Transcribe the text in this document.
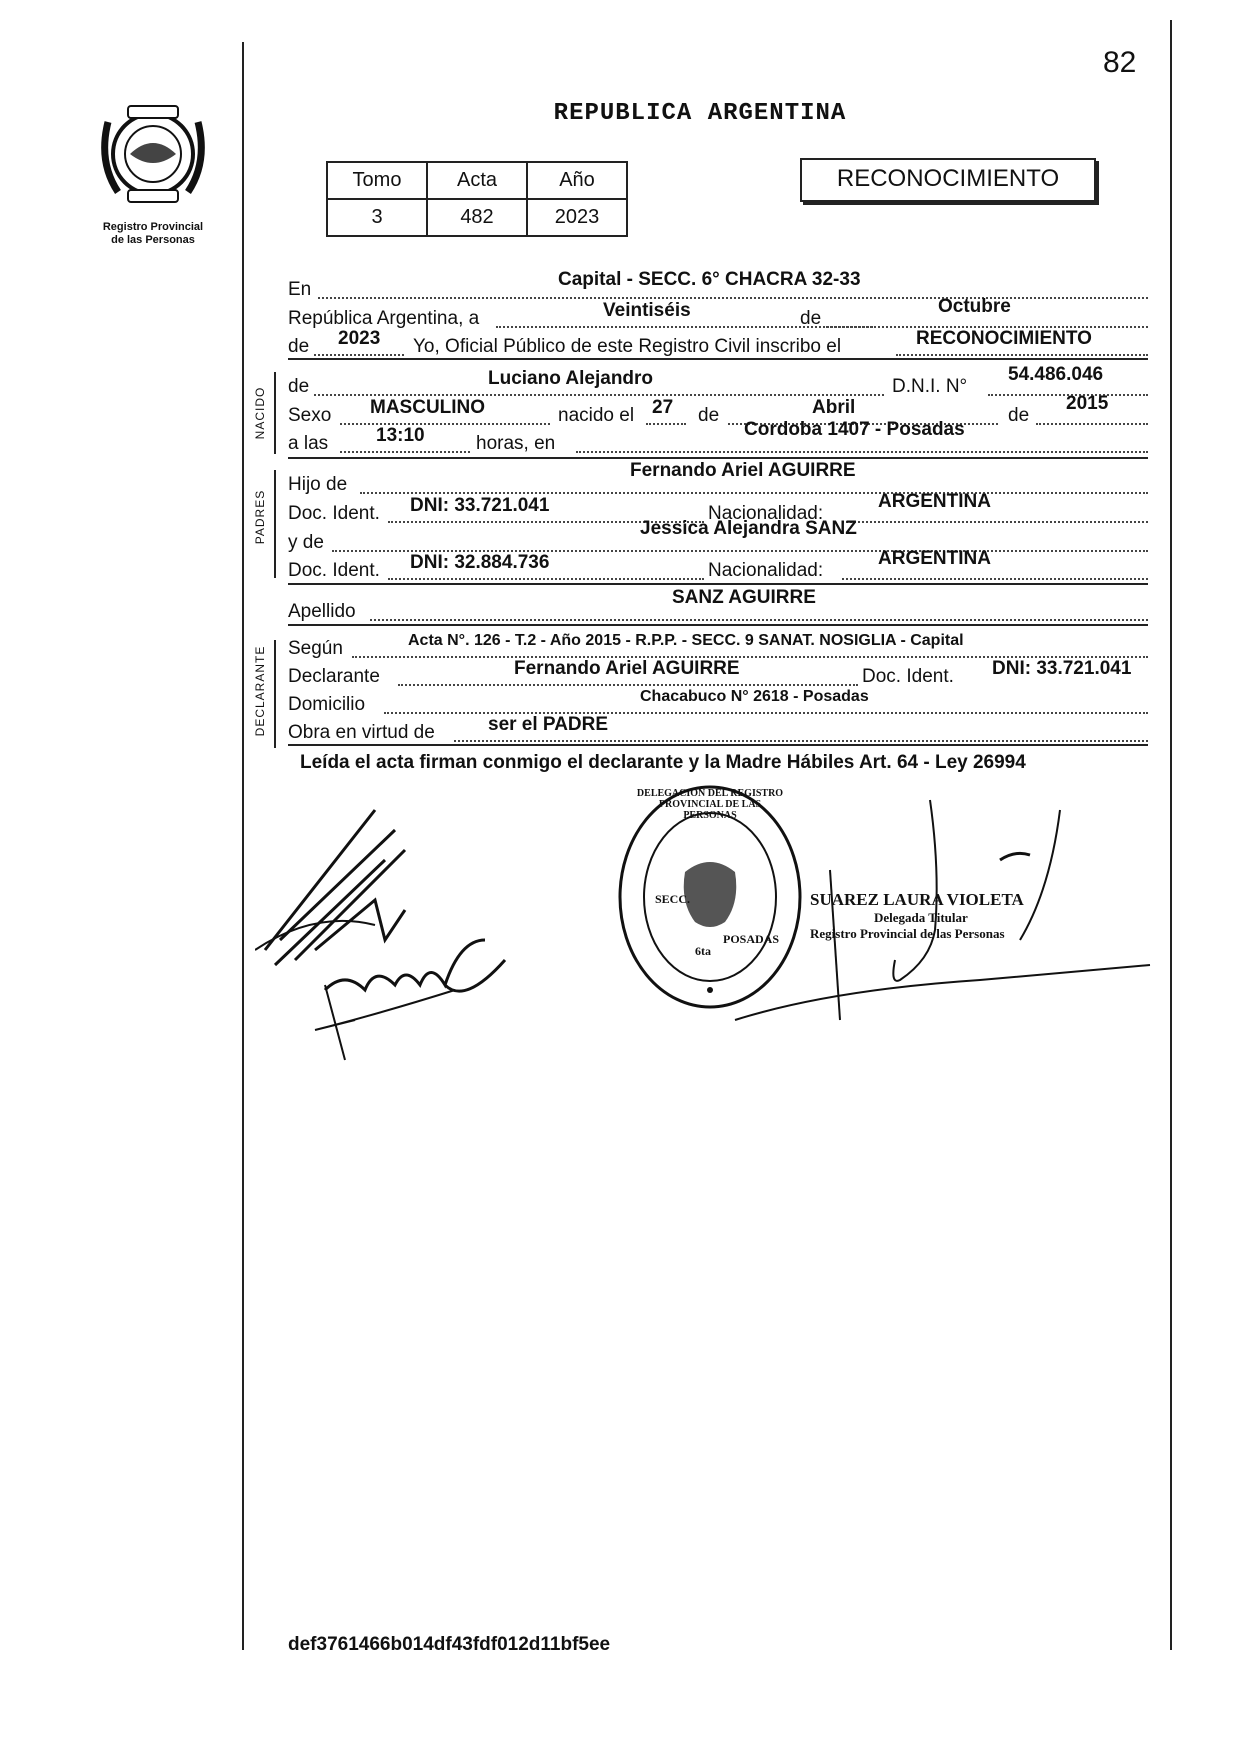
82
Registro Provincial
de las Personas
REPUBLICA ARGENTINA
Tomo	Acta	Año
3	482	2023
RECONOCIMIENTO
En	Capital - SECC. 6° CHACRA 32-33
República Argentina, a	Veintiséis	de
Octubre
de 2023 Yo, Oficial Público de este Registro Civil inscribo el	RECONOCIMIENTO
NACIDO
de	Luciano Alejandro	D.N.I. N°
54.486.046
Sexo MASCULINO	nacido el 27 de	Abril	de
2015
a las	13:10	horas, en
Cordoba 1407 - Posadas
PADRES
Hijo de
Fernando Ariel AGUIRRE
Doc. Ident. DNI: 33.721.041	Nacionalidad:
ARGENTINA
y de
Jessica Alejandra SANZ
Doc. Ident. DNI: 32.884.736	Nacionalidad:
ARGENTINA
Apellido
SANZ AGUIRRE
DECLARANTE Según	Acta N°. 126 - T.2 - Año 2015 - R.P.P. - SECC. 9 SANAT. NOSIGLIA - Capital
Declarante	Fernando Ariel AGUIRRE	Doc. Ident. DNI: 33.721.041
Domicilio	Chacabuco N° 2618 - Posadas
Obra en virtud de	ser el PADRE
Leída el acta firman conmigo el declarante y la Madre Hábiles Art. 64 - Ley 26994
DELEGACION DEL REGISTRO PROVINCIAL DE LAS PERSONAS
SECC.
6ta
POSADAS
SUAREZ LAURA VIOLETA
Delegada Titular
Registro Provincial de las Personas
def3761466b014df43fdf012d11bf5ee
